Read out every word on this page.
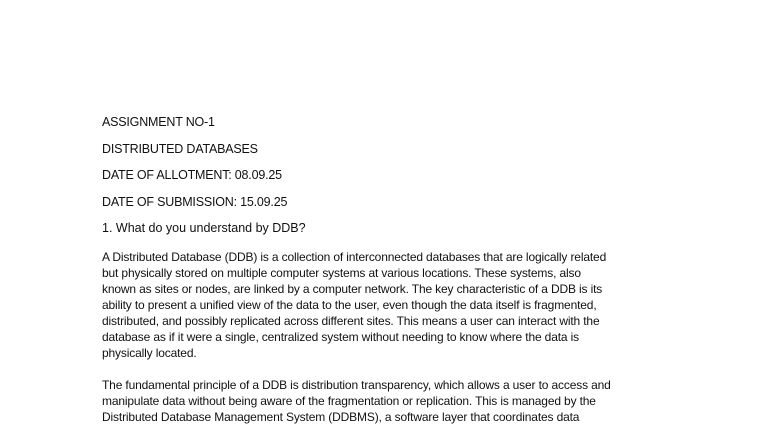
ASSIGNMENT NO-1
DISTRIBUTED DATABASES
DATE OF ALLOTMENT: 08.09.25
DATE OF SUBMISSION: 15.09.25
1. What do you understand by DDB?
A Distributed Database (DDB) is a collection of interconnected databases that are logically related
but physically stored on multiple computer systems at various locations. These systems, also
known as sites or nodes, are linked by a computer network. The key characteristic of a DDB is its
ability to present a unified view of the data to the user, even though the data itself is fragmented,
distributed, and possibly replicated across different sites. This means a user can interact with the
database as if it were a single, centralized system without needing to know where the data is
physically located.
The fundamental principle of a DDB is distribution transparency, which allows a user to access and
manipulate data without being aware of the fragmentation or replication. This is managed by the
Distributed Database Management System (DDBMS), a software layer that coordinates data
